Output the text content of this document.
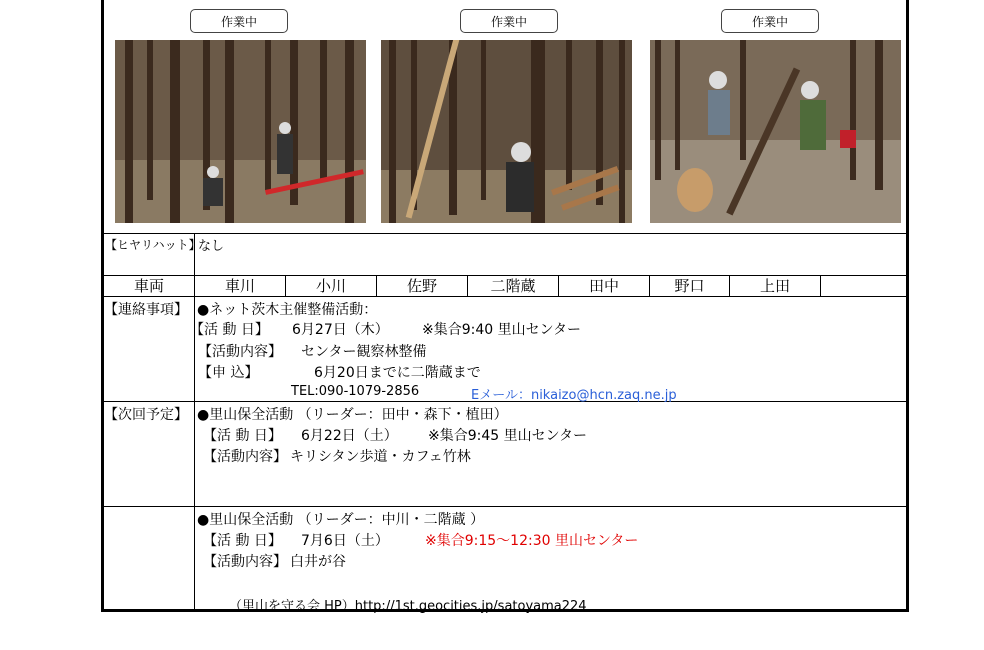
作業中	作業中	作業中
【ヒヤリハット】
なし
車両	車川	小川	佐野	二階蔵	田中	野口	上田
【連絡事項】 ●ネット茨木主催整備活動：
【活 動 日】 6月27日（木） ※集合9:40 里山センター
【活動内容】 センター観察林整備
【申 込】	6月20日までに二階蔵まで
TEL:090-1079-2856	Eメール：nikaizo@hcn.zaq.ne.jp
【次回予定】 ●里山保全活動 （リーダー：田中・森下・植田）
【活 動 日】 6月22日（土） ※集合9:45 里山センター
【活動内容】 キリシタン歩道・カフェ竹林
●里山保全活動 （リーダー：中川・二階蔵 ）
【活 動 日】 7月6日（土）	※集合9:15～12:30 里山センター
【活動内容】 白井が谷
（里山を守る会 HP）http://1st.geocities.jp/satoyama224
